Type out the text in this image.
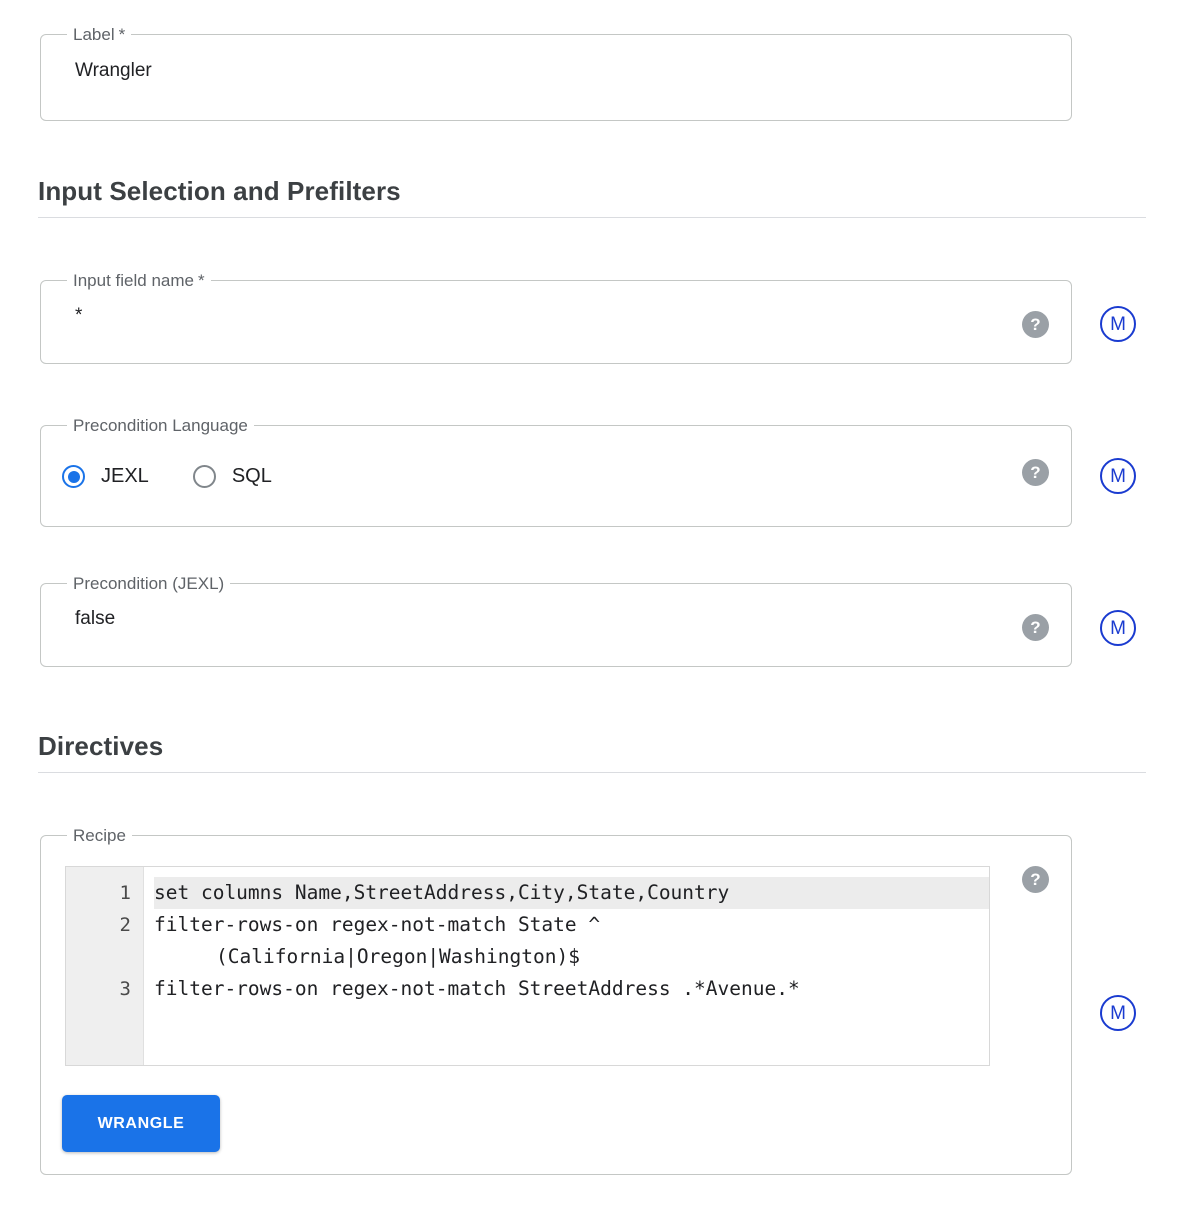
Label *
Wrangler
Input Selection and Prefilters
Input field name *
*	?	M
Precondition Language
JEXL	SQL	?	M
Precondition (JEXL)
false	?	M
Directives
Recipe
1
2

3
set columns Name,StreetAddress,City,State,Country
filter-rows-on regex-not-match State ^
(California|Oregon|Washington)$
filter-rows-on regex-not-match StreetAddress .*Avenue.*
?
M
WRANGLE
